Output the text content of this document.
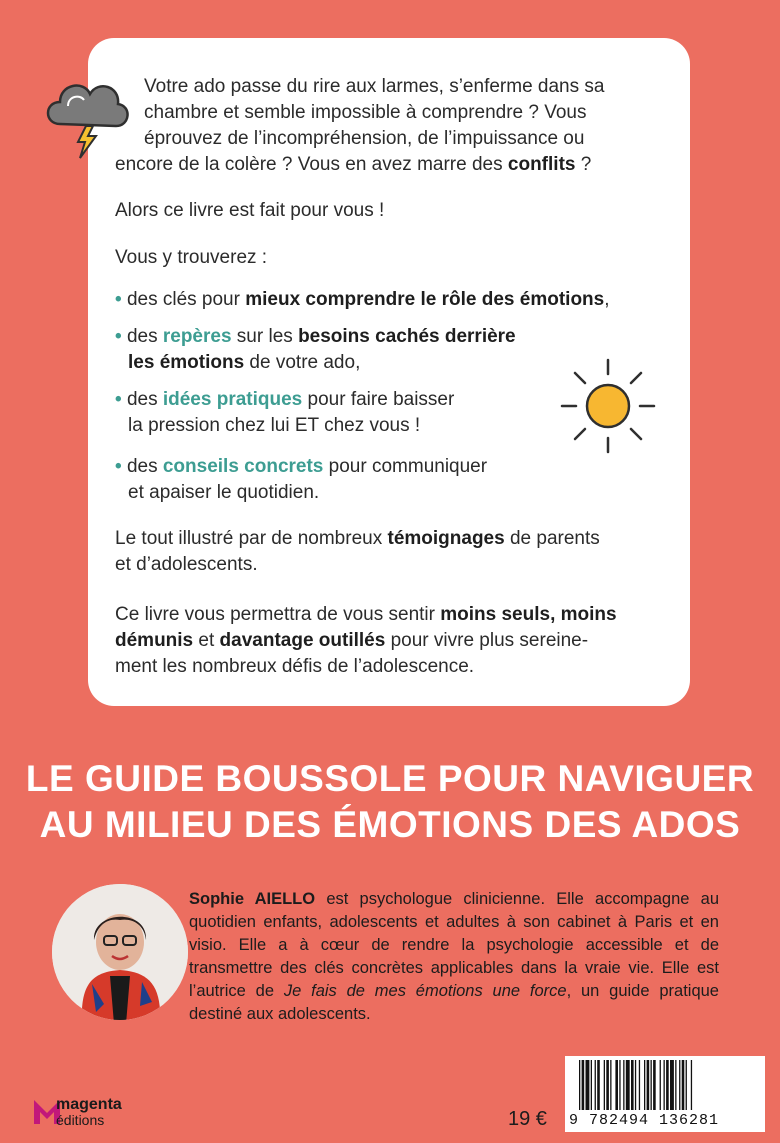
Votre ado passe du rire aux larmes, s’enferme dans sa
chambre et semble impossible à comprendre ? Vous
éprouvez de l’incompréhension, de l’impuissance ou
encore de la colère ? Vous en avez marre des conflits ?
Alors ce livre est fait pour vous !
Vous y trouverez :
• des clés pour mieux comprendre le rôle des émotions,
• des repères sur les besoins cachés derrière
les émotions de votre ado,
• des idées pratiques pour faire baisser
la pression chez lui ET chez vous !
• des conseils concrets pour communiquer
et apaiser le quotidien.
Le tout illustré par de nombreux témoignages de parents
et d’adolescents.
Ce livre vous permettra de vous sentir moins seuls, moins
démunis et davantage outillés pour vivre plus sereine-
ment les nombreux défis de l’adolescence.
LE GUIDE BOUSSOLE POUR NAVIGUER
AU MILIEU DES ÉMOTIONS DES ADOS

Sophie AIELLO est psychologue clinicienne. Elle accompagne au quotidien enfants, adolescents et adultes à son cabinet à Paris et en visio. Elle a à cœur de rendre la psychologie accessible et de transmettre des clés concrètes applicables dans la vraie vie. Elle est l’autrice de Je fais de mes émotions une force, un guide pratique destiné aux adolescents.

magenta
éditions	19 € 9 782494 136281
